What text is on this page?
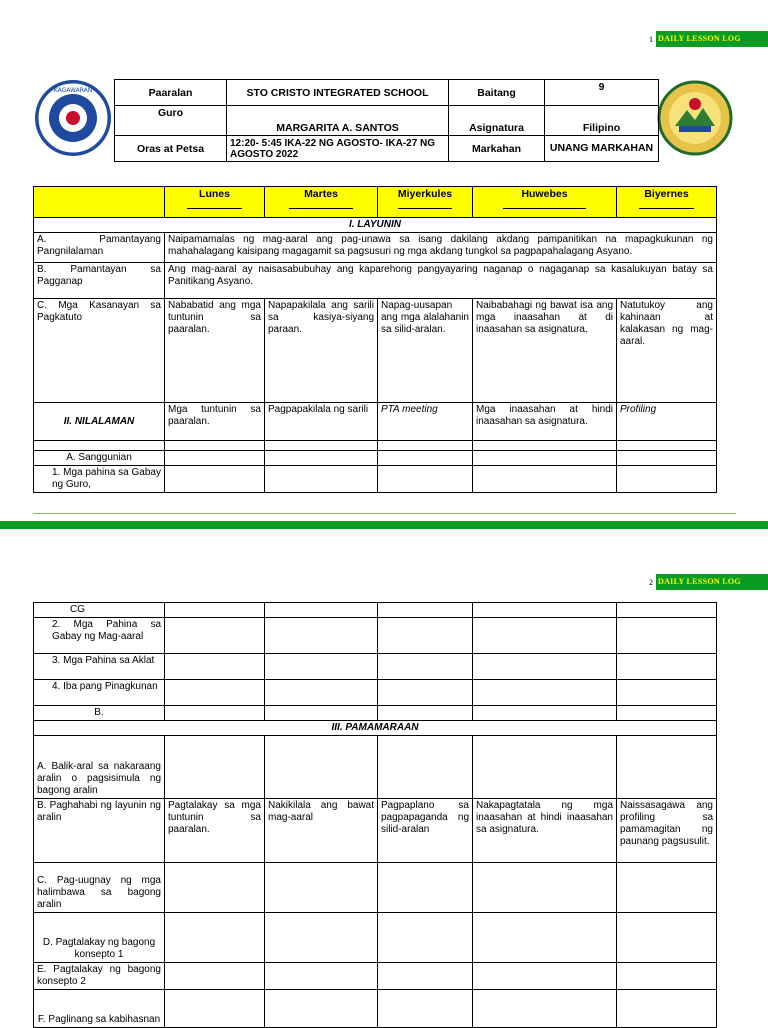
1 DAILY LESSON LOG
KAGAWARAN	Paaralan	STO CRISTO INTEGRATED SCHOOL	Baitang	9
Guro	MARGARITA A. SANTOS	Asignatura	Filipino
Oras at Petsa	12:20- 5:45 IKA-22 NG AGOSTO- IKA-27 NG AGOSTO 2022	Markahan	UNANG MARKAHAN
	Lunes	Martes	Miyerkules	Huwebes	Biyernes
I. LAYUNIN					
A. Pamantayang Pangnilalaman	Naipamamalas ng mag-aaral ang pag-unawa sa isang dakilang akdang pampanitikan na mapagkukunan ng mahahalagang kaisipang magagamit sa pagsusuri ng mga akdang tungkol sa pagpapahalagang Asyano.				
B. Pamantayan sa Pagganap	Ang mag-aaral ay naisasabubuhay ang kaparehong pangyayaring naganap o nagaganap sa kasalukuyan batay sa Panitikang Asyano.				
C. Mga Kasanayan sa Pagkatuto	Nababatid ang mga tuntunin sa paaralan.	Napapakilala ang sarili sa kasiya-siyang paraan.	Napag-uusapan ang mga alalahanin sa silid-aralan.	Naibabahagi ng bawat isa ang mga inaasahan at di inaasahan sa asignatura.	Natutukoy ang kahinaan at kalakasan ng mag-aaral.
II. NILALAMAN	Mga tuntunin sa paaralan.	Pagpapakilala ng sarili	PTA meeting	Mga inaasahan at hindi inaasahan sa asignatura.	Profiling

A. Sanggunian					
1. Mga pahina sa Gabay ng Guro,					
2 DAILY LESSON LOG
CG					
2. Mga Pahina sa Gabay ng Mag-aaral					
3. Mga Pahina sa Aklat					
4. Iba pang Pinagkunan					
B.					
III. PAMAMARAAN					
A. Balik-aral sa nakaraang aralin o pagsisimula ng bagong aralin					
B. Paghahabi ng layunin ng aralin	Pagtalakay sa mga tuntunin sa paaralan.	Nakikilala ang bawat mag-aaral	Pagpaplano sa pagpapaganda ng silid-aralan	Nakapagtatala ng mga inaasahan at hindi inaasahan sa asignatura.	Naissasagawa ang profiling sa pamamagitan ng paunang pagsusulit.
C. Pag-uugnay ng mga halimbawa sa bagong aralin					
D. Pagtalakay ng bagong konsepto 1					
E. Pagtalakay ng bagong konsepto 2					
F. Paglinang sa kabihasnan					
